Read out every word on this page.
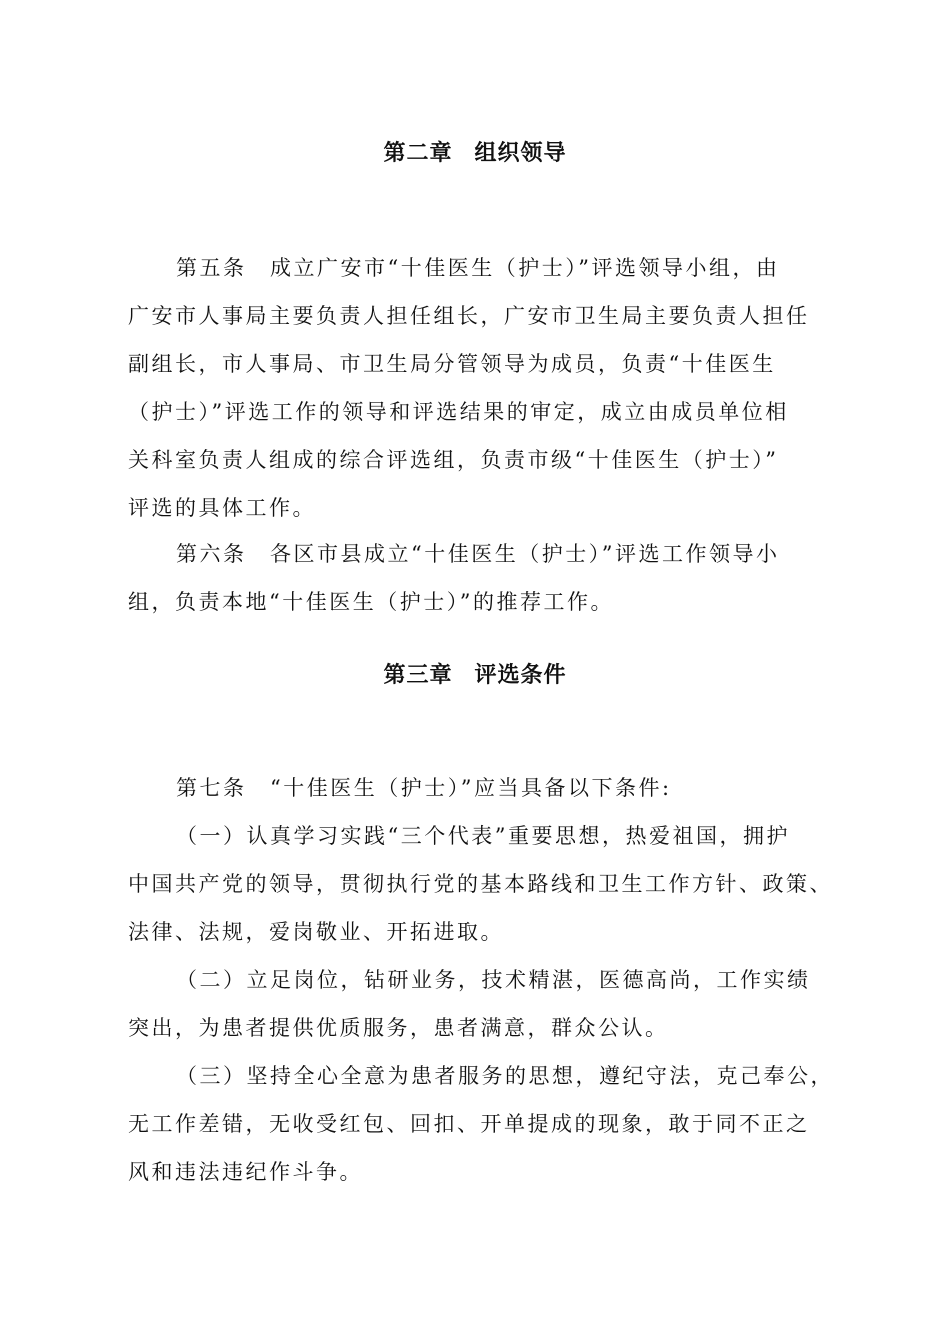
第二章 组织领导
第五条　成立广安市“十佳医生（护士）”评选领导小组，由
广安市人事局主要负责人担任组长，广安市卫生局主要负责人担任
副组长，市人事局、市卫生局分管领导为成员，负责“十佳医生
（护士）”评选工作的领导和评选结果的审定，成立由成员单位相
关科室负责人组成的综合评选组，负责市级“十佳医生（护士）”
评选的具体工作。
第六条　各区市县成立“十佳医生（护士）”评选工作领导小
组，负责本地“十佳医生（护士）”的推荐工作。
第三章 评选条件
第七条　“十佳医生（护士）”应当具备以下条件:
（一）认真学习实践“三个代表”重要思想，热爱祖国，拥护
中国共产党的领导，贯彻执行党的基本路线和卫生工作方针、政策、
法律、法规，爱岗敬业、开拓进取。
（二）立足岗位，钻研业务，技术精湛，医德高尚，工作实绩
突出，为患者提供优质服务，患者满意，群众公认。
（三）坚持全心全意为患者服务的思想，遵纪守法，克己奉公，
无工作差错，无收受红包、回扣、开单提成的现象，敢于同不正之
风和违法违纪作斗争。
